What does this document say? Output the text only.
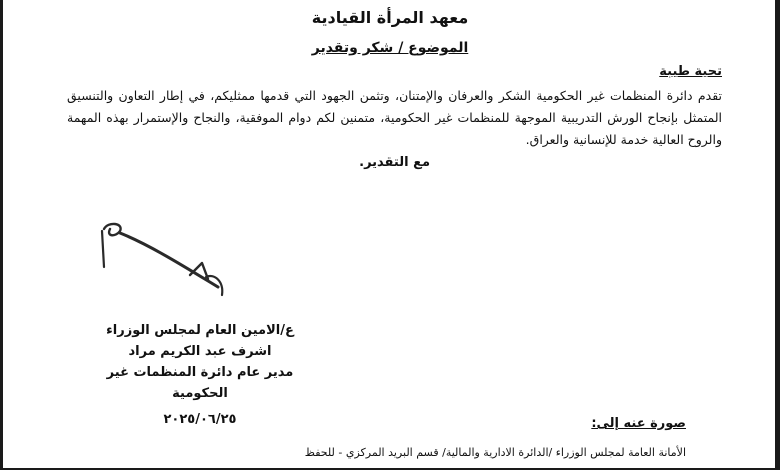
معهد المرأة القيادية
الموضوع / شكر وتقدير
تحية طيبة
تقدم دائرة المنظمات غير الحكومية الشكر والعرفان والإمتنان، وتثمن الجهود التي قدمها ممثليكم، في إطار التعاون والتنسيق المتمثل بإنجاح الورش التدريبية الموجهة للمنظمات غير الحكومية، متمنين لكم دوام الموفقية، والنجاح والإستمرار بهذه المهمة والروح العالية خدمة للإنسانية والعراق.
مع التقدير.
ع/الامين العام لمجلس الوزراء
اشرف عبد الكريم مراد
مدير عام دائرة المنظمات غير الحكومية
٢٠٢٥/٠٦/٢٥	صورة عنه إلى:
الأمانة العامة لمجلس الوزراء /الدائرة الادارية والمالية/ قسم البريد المركزي - للحفظ
